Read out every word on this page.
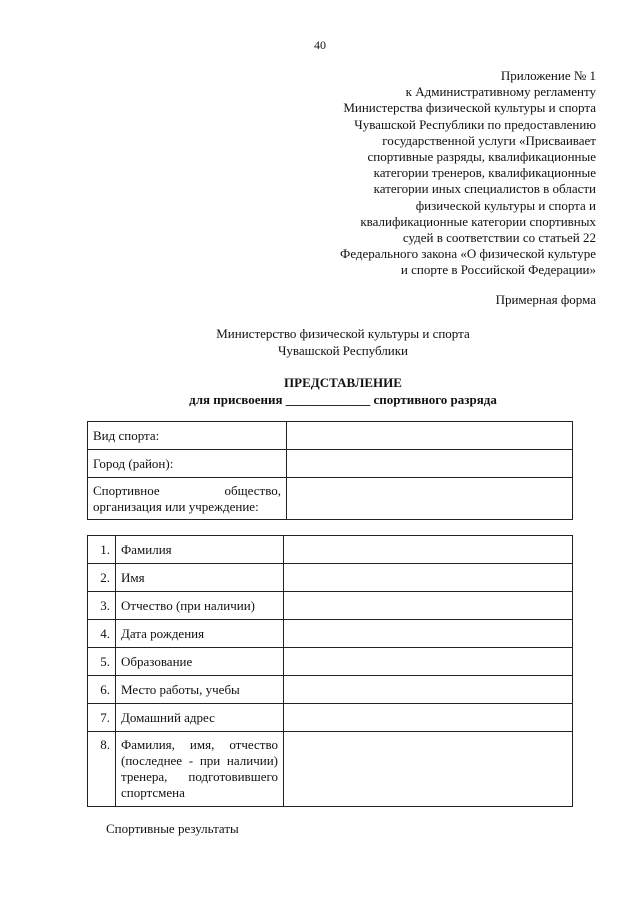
40
Приложение № 1
к Административному регламенту
Министерства физической культуры и спорта
Чувашской Республики по предоставлению
государственной услуги «Присваивает
спортивные разряды, квалификационные
категории тренеров, квалификационные
категории иных специалистов в области
физической культуры и спорта и
квалификационные категории спортивных
судей в соответствии со статьей 22
Федерального закона «О физической культуре
и спорте в Российской Федерации»
Примерная форма
Министерство физической культуры и спорта
Чувашской Республики
ПРЕДСТАВЛЕНИЕ
для присвоения _____________ спортивного разряда
Вид спорта:	
Город (район):	
Спортивное общество, организация или учреждение:	
1.	Фамилия	
2.	Имя	
3.	Отчество (при наличии)	
4.	Дата рождения	
5.	Образование	
6.	Место работы, учебы	
7.	Домашний адрес	
8.	Фамилия, имя, отчество (последнее - при наличии) тренера, подготовившего спортсмена	
Спортивные результаты
